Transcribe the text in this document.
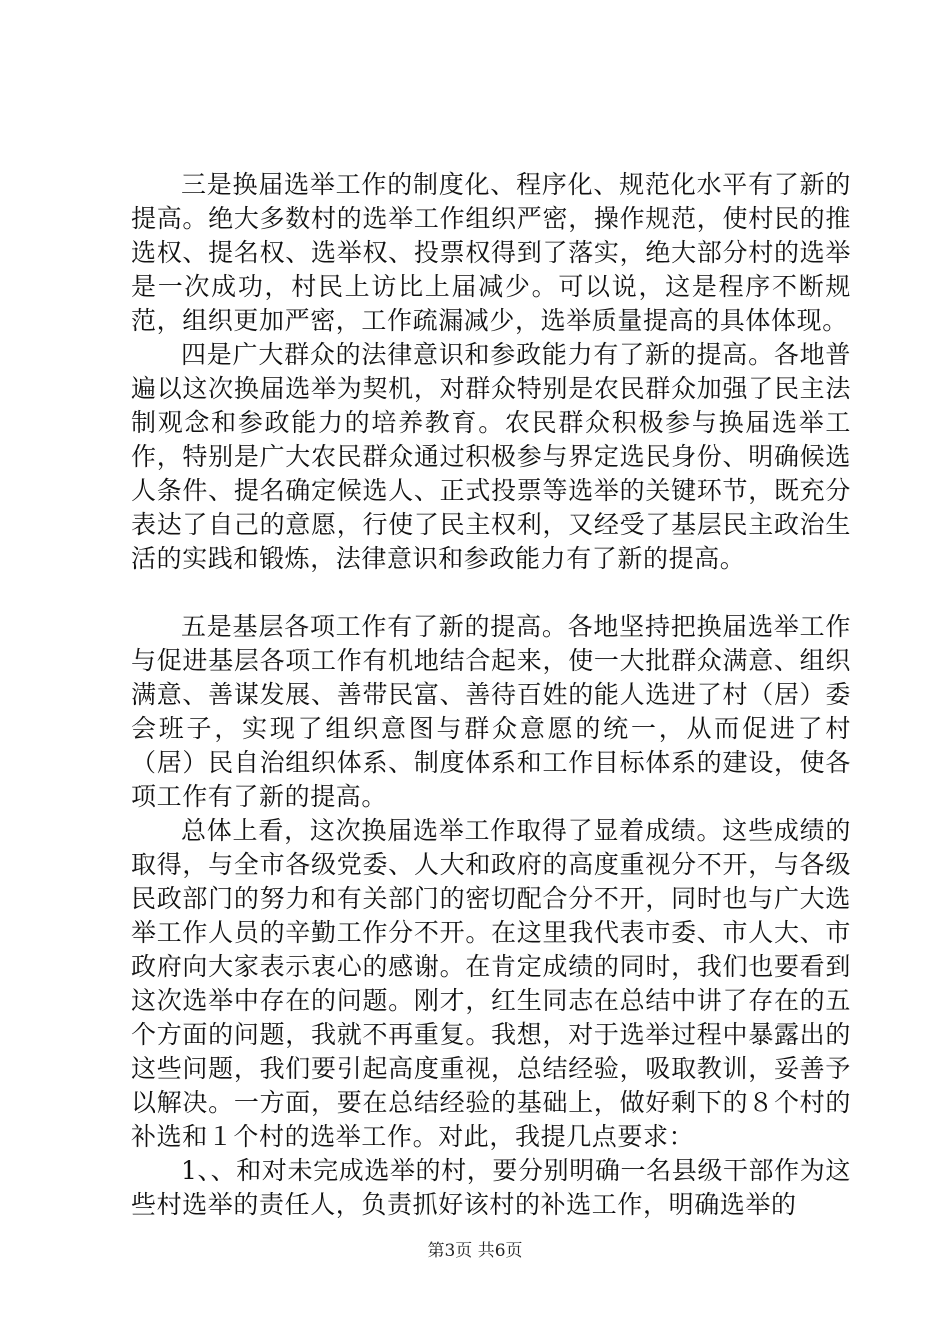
三是换届选举工作的制度化、程序化、规范化水平有了新的提高。绝大多数村的选举工作组织严密，操作规范，使村民的推选权、提名权、选举权、投票权得到了落实，绝大部分村的选举是一次成功，村民上访比上届减少。可以说，这是程序不断规范，组织更加严密，工作疏漏减少，选举质量提高的具体体现。

四是广大群众的法律意识和参政能力有了新的提高。各地普遍以这次换届选举为契机，对群众特别是农民群众加强了民主法制观念和参政能力的培养教育。农民群众积极参与换届选举工作，特别是广大农民群众通过积极参与界定选民身份、明确候选人条件、提名确定候选人、正式投票等选举的关键环节，既充分表达了自己的意愿，行使了民主权利，又经受了基层民主政治生活的实践和锻炼，法律意识和参政能力有了新的提高。

五是基层各项工作有了新的提高。各地坚持把换届选举工作与促进基层各项工作有机地结合起来，使一大批群众满意、组织满意、善谋发展、善带民富、善待百姓的能人选进了村（居）委会班子，实现了组织意图与群众意愿的统一，从而促进了村（居）民自治组织体系、制度体系和工作目标体系的建设，使各项工作有了新的提高。

总体上看，这次换届选举工作取得了显着成绩。这些成绩的取得，与全市各级党委、人大和政府的高度重视分不开，与各级民政部门的努力和有关部门的密切配合分不开，同时也与广大选举工作人员的辛勤工作分不开。在这里我代表市委、市人大、市政府向大家表示衷心的感谢。在肯定成绩的同时，我们也要看到这次选举中存在的问题。刚才，红生同志在总结中讲了存在的五个方面的问题，我就不再重复。我想，对于选举过程中暴露出的这些问题，我们要引起高度重视，总结经验，吸取教训，妥善予以解决。一方面，要在总结经验的基础上，做好剩下的８个村的补选和１个村的选举工作。对此，我提几点要求：

1、、和对未完成选举的村，要分别明确一名县级干部作为这些村选举的责任人，负责抓好该村的补选工作，明确选举的

第3页 共6页
